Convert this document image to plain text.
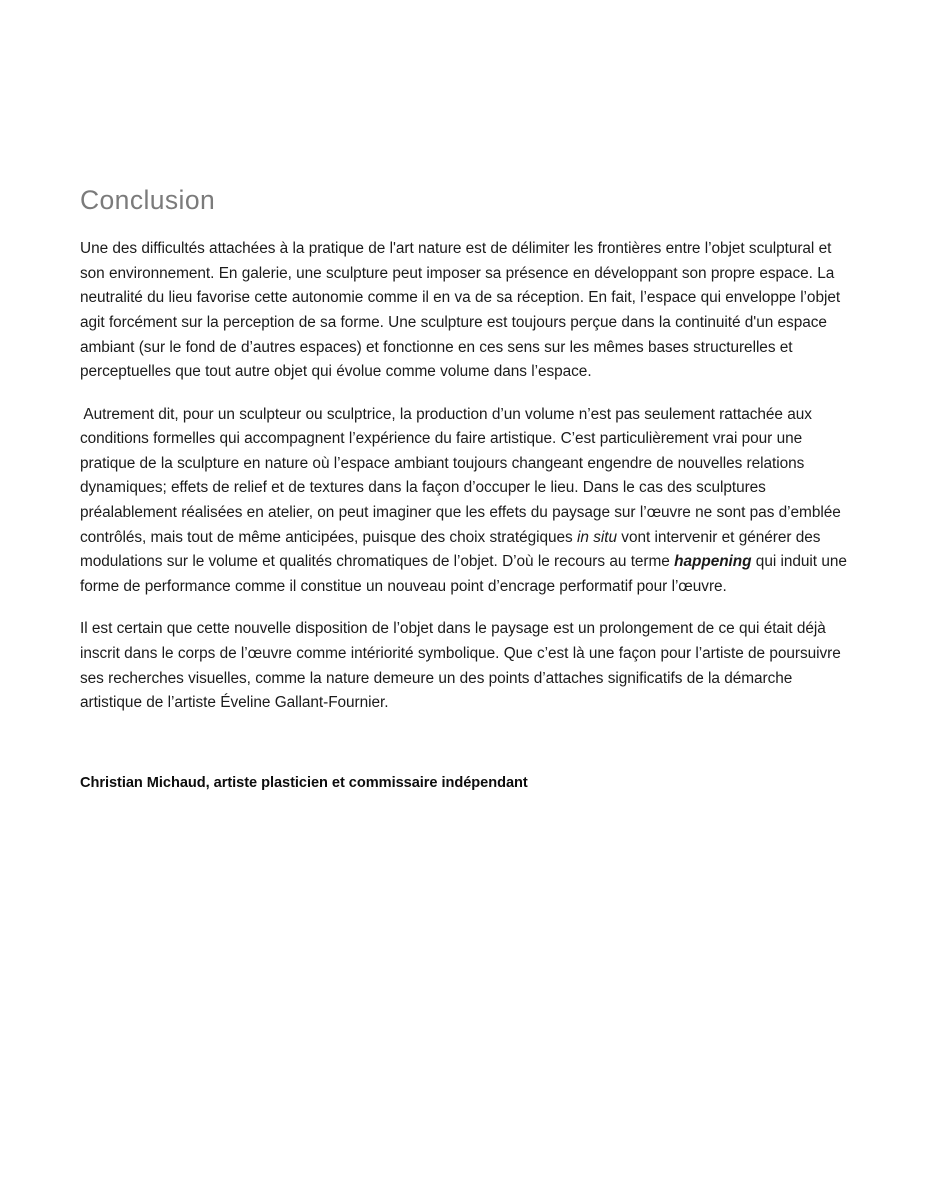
Conclusion

Une des difficultés attachées à la pratique de l'art nature est de délimiter les frontières entre l’objet sculptural et son environnement. En galerie, une sculpture peut imposer sa présence en développant son propre espace. La neutralité du lieu favorise cette autonomie comme il en va de sa réception. En fait, l’espace qui enveloppe l’objet agit forcément sur la perception de sa forme. Une sculpture est toujours perçue dans la continuité d'un espace ambiant (sur le fond de d’autres espaces) et fonctionne en ces sens sur les mêmes bases structurelles et perceptuelles que tout autre objet qui évolue comme volume dans l’espace.

Autrement dit, pour un sculpteur ou sculptrice, la production d’un volume n’est pas seulement rattachée aux conditions formelles qui accompagnent l’expérience du faire artistique. C’est particulièrement vrai pour une pratique de la sculpture en nature où l’espace ambiant toujours changeant engendre de nouvelles relations dynamiques; effets de relief et de textures dans la façon d’occuper le lieu. Dans le cas des sculptures préalablement réalisées en atelier, on peut imaginer que les effets du paysage sur l’œuvre ne sont pas d’emblée contrôlés, mais tout de même anticipées, puisque des choix stratégiques in situ vont intervenir et générer des modulations sur le volume et qualités chromatiques de l’objet. D’où le recours au terme happening qui induit une forme de performance comme il constitue un nouveau point d’encrage performatif pour l’œuvre.

Il est certain que cette nouvelle disposition de l’objet dans le paysage est un prolongement de ce qui était déjà inscrit dans le corps de l’œuvre comme intériorité symbolique. Que c’est là une façon pour l’artiste de poursuivre ses recherches visuelles, comme la nature demeure un des points d’attaches significatifs de la démarche artistique de l’artiste Éveline Gallant-Fournier.

Christian Michaud, artiste plasticien et commissaire indépendant
